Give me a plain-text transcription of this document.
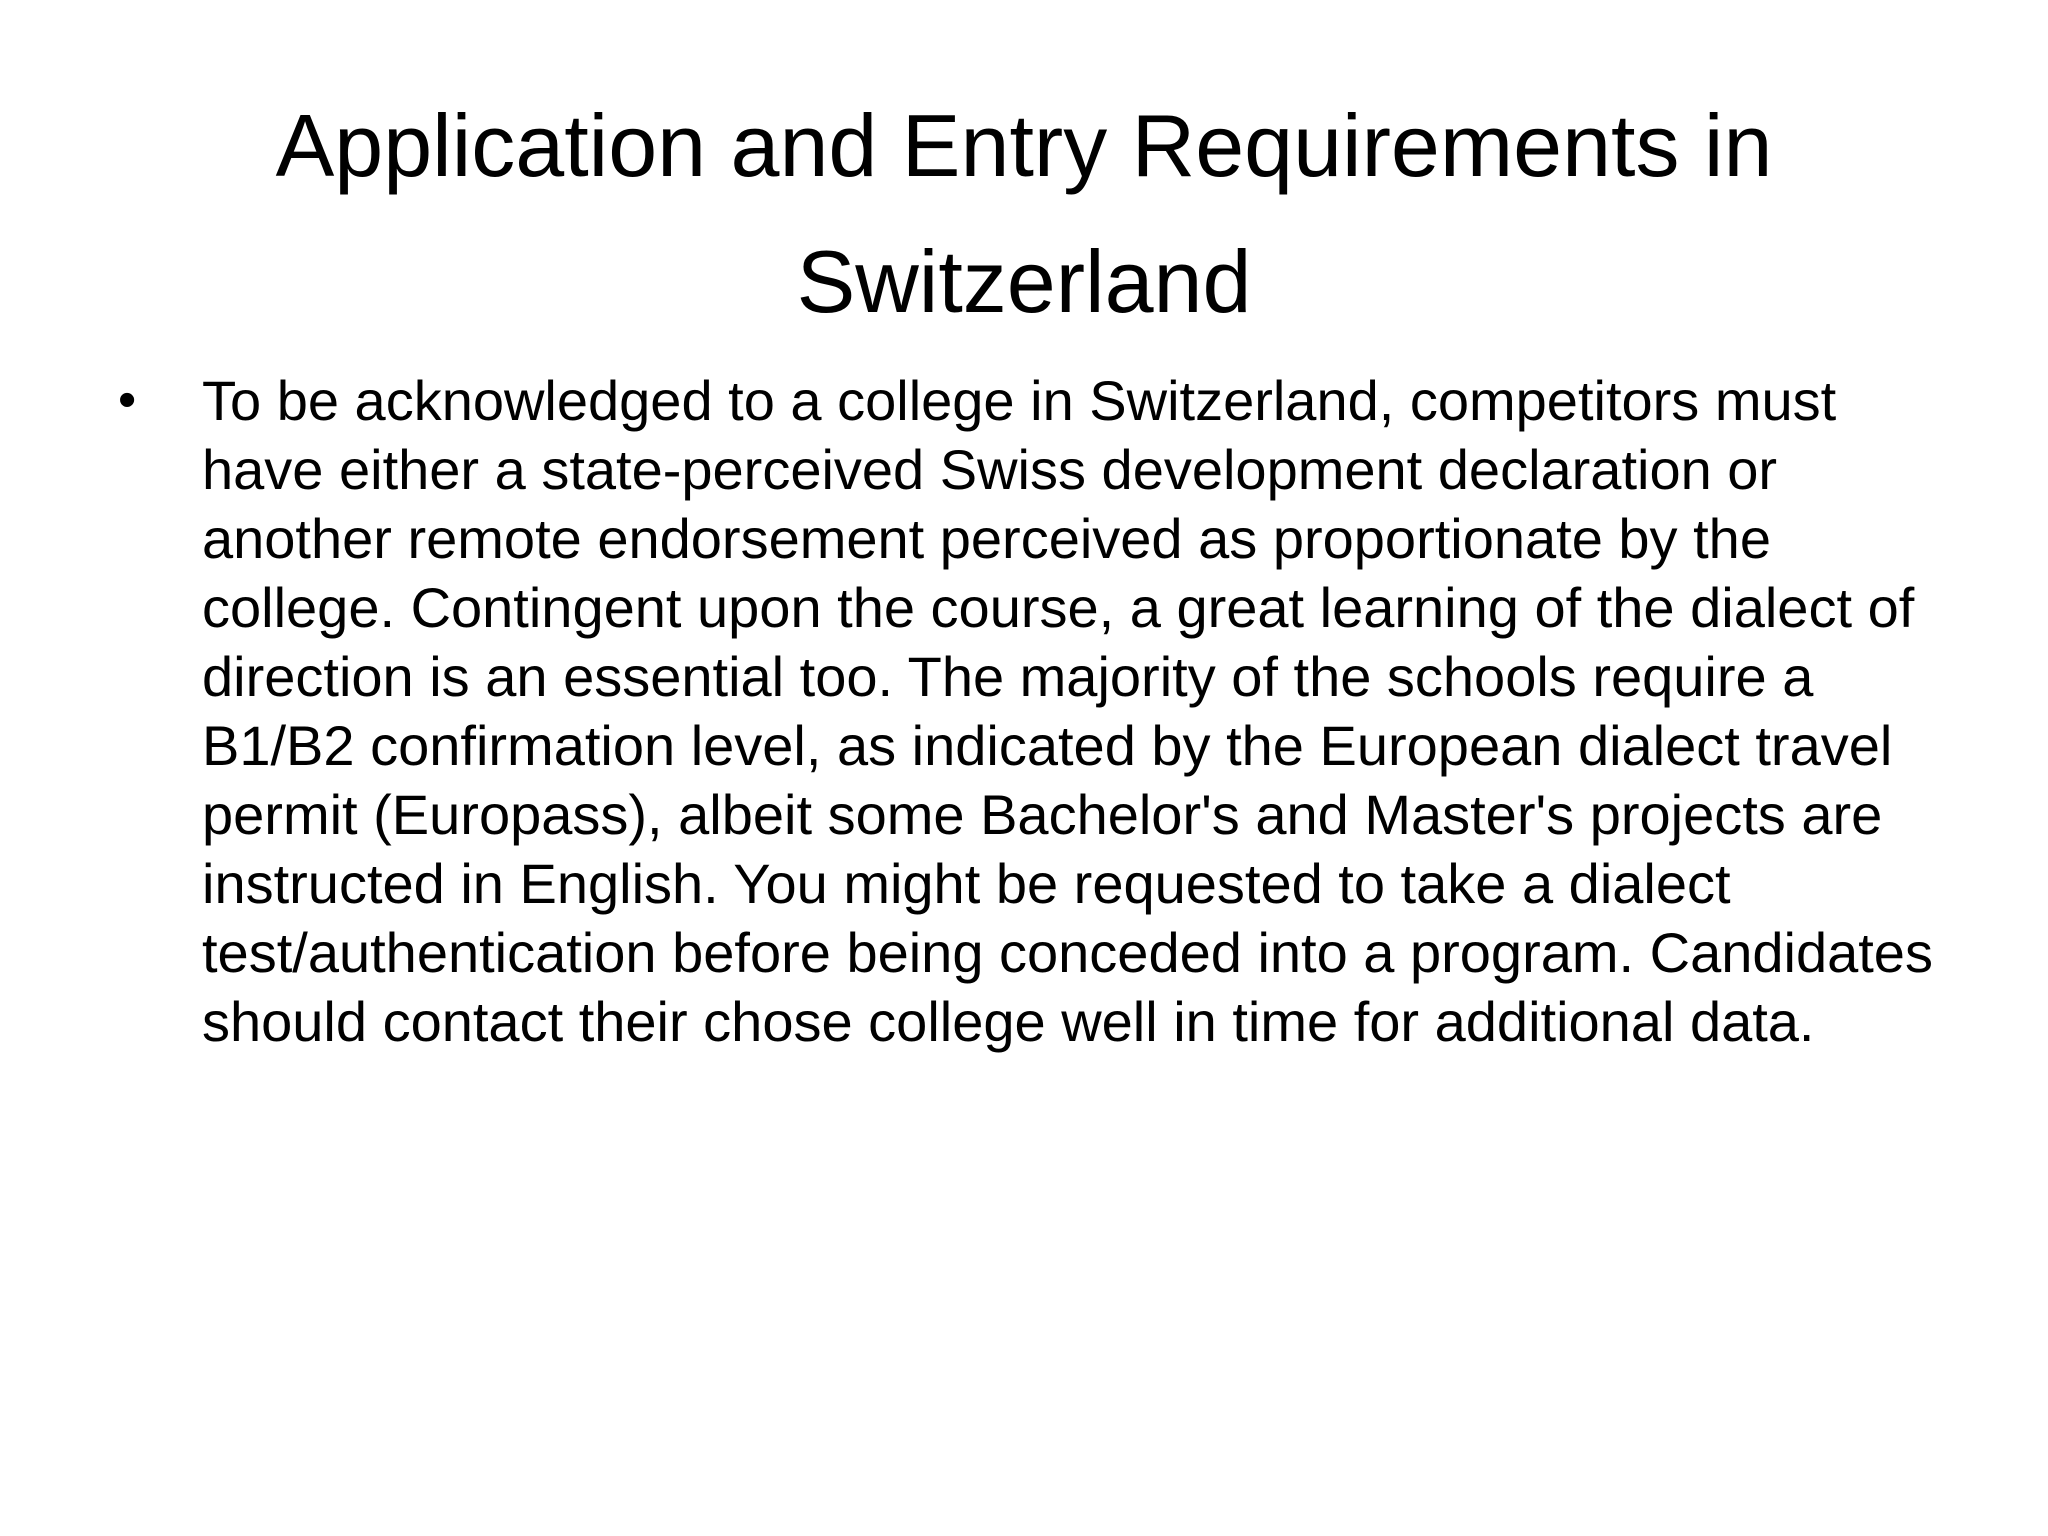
Application and Entry Requirements in Switzerland
•	To be acknowledged to a college in Switzerland, competitors must have either a state-perceived Swiss development declaration or another remote endorsement perceived as proportionate by the college. Contingent upon the course, a great learning of the dialect of direction is an essential too. The majority of the schools require a B1/B2 confirmation level, as indicated by the European dialect travel permit (Europass), albeit some Bachelor's and Master's projects are instructed in English. You might be requested to take a dialect test/authentication before being conceded into a program. Candidates should contact their chose college well in time for additional data.
